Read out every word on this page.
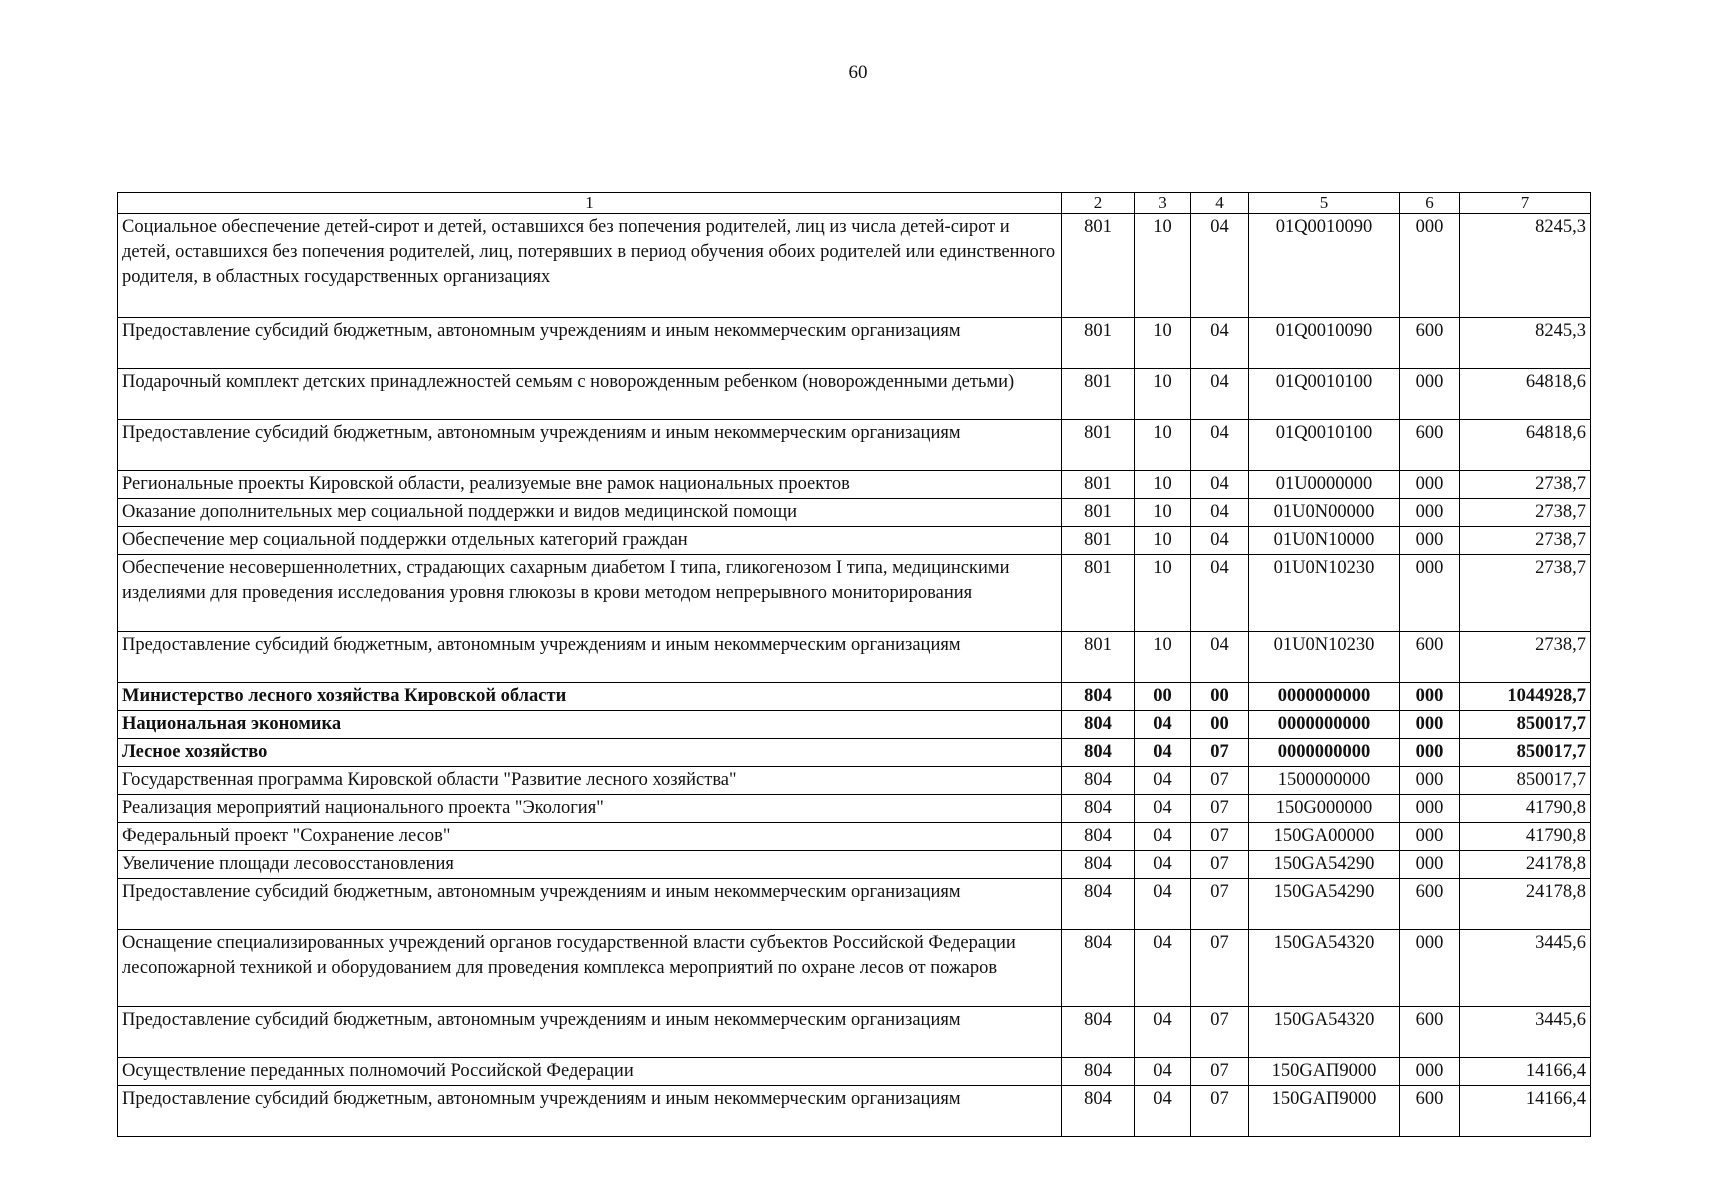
60
1	2	3	4	5	6	7
Социальное обеспечение детей-сирот и детей, оставшихся без попечения родителей, лиц из числа детей-сирот и детей, оставшихся без попечения родителей, лиц, потерявших в период обучения обоих родителей или единственного родителя, в областных государственных организациях	801	10	04	01Q0010090	000	8245,3
Предоставление субсидий бюджетным, автономным учреждениям и иным некоммерческим организациям	801	10	04	01Q0010090	600	8245,3
Подарочный комплект детских принадлежностей семьям с новорожденным ребенком (новорожденными детьми)	801	10	04	01Q0010100	000	64818,6
Предоставление субсидий бюджетным, автономным учреждениям и иным некоммерческим организациям	801	10	04	01Q0010100	600	64818,6
Региональные проекты Кировской области, реализуемые вне рамок национальных проектов	801	10	04	01U0000000	000	2738,7
Оказание дополнительных мер социальной поддержки и видов медицинской помощи	801	10	04	01U0N00000	000	2738,7
Обеспечение мер социальной поддержки отдельных категорий граждан	801	10	04	01U0N10000	000	2738,7
Обеспечение несовершеннолетних, страдающих сахарным диабетом I типа, гликогенозом I типа, медицинскими изделиями для проведения исследования уровня глюкозы в крови методом непрерывного мониторирования	801	10	04	01U0N10230	000	2738,7
Предоставление субсидий бюджетным, автономным учреждениям и иным некоммерческим организациям	801	10	04	01U0N10230	600	2738,7
Министерство лесного хозяйства Кировской области	804	00	00	0000000000	000	1044928,7
Национальная экономика	804	04	00	0000000000	000	850017,7
Лесное хозяйство	804	04	07	0000000000	000	850017,7
Государственная программа Кировской области "Развитие лесного хозяйства"	804	04	07	1500000000	000	850017,7
Реализация мероприятий национального проекта "Экология"	804	04	07	150G000000	000	41790,8
Федеральный проект "Сохранение лесов"	804	04	07	150GA00000	000	41790,8
Увеличение площади лесовосстановления	804	04	07	150GA54290	000	24178,8
Предоставление субсидий бюджетным, автономным учреждениям и иным некоммерческим организациям	804	04	07	150GA54290	600	24178,8
Оснащение специализированных учреждений органов государственной власти субъектов Российской Федерации лесопожарной техникой и оборудованием для проведения комплекса мероприятий по охране лесов от пожаров	804	04	07	150GA54320	000	3445,6
Предоставление субсидий бюджетным, автономным учреждениям и иным некоммерческим организациям	804	04	07	150GA54320	600	3445,6
Осуществление переданных полномочий Российской Федерации	804	04	07	150GAП9000	000	14166,4
Предоставление субсидий бюджетным, автономным учреждениям и иным некоммерческим организациям	804	04	07	150GAП9000	600	14166,4
